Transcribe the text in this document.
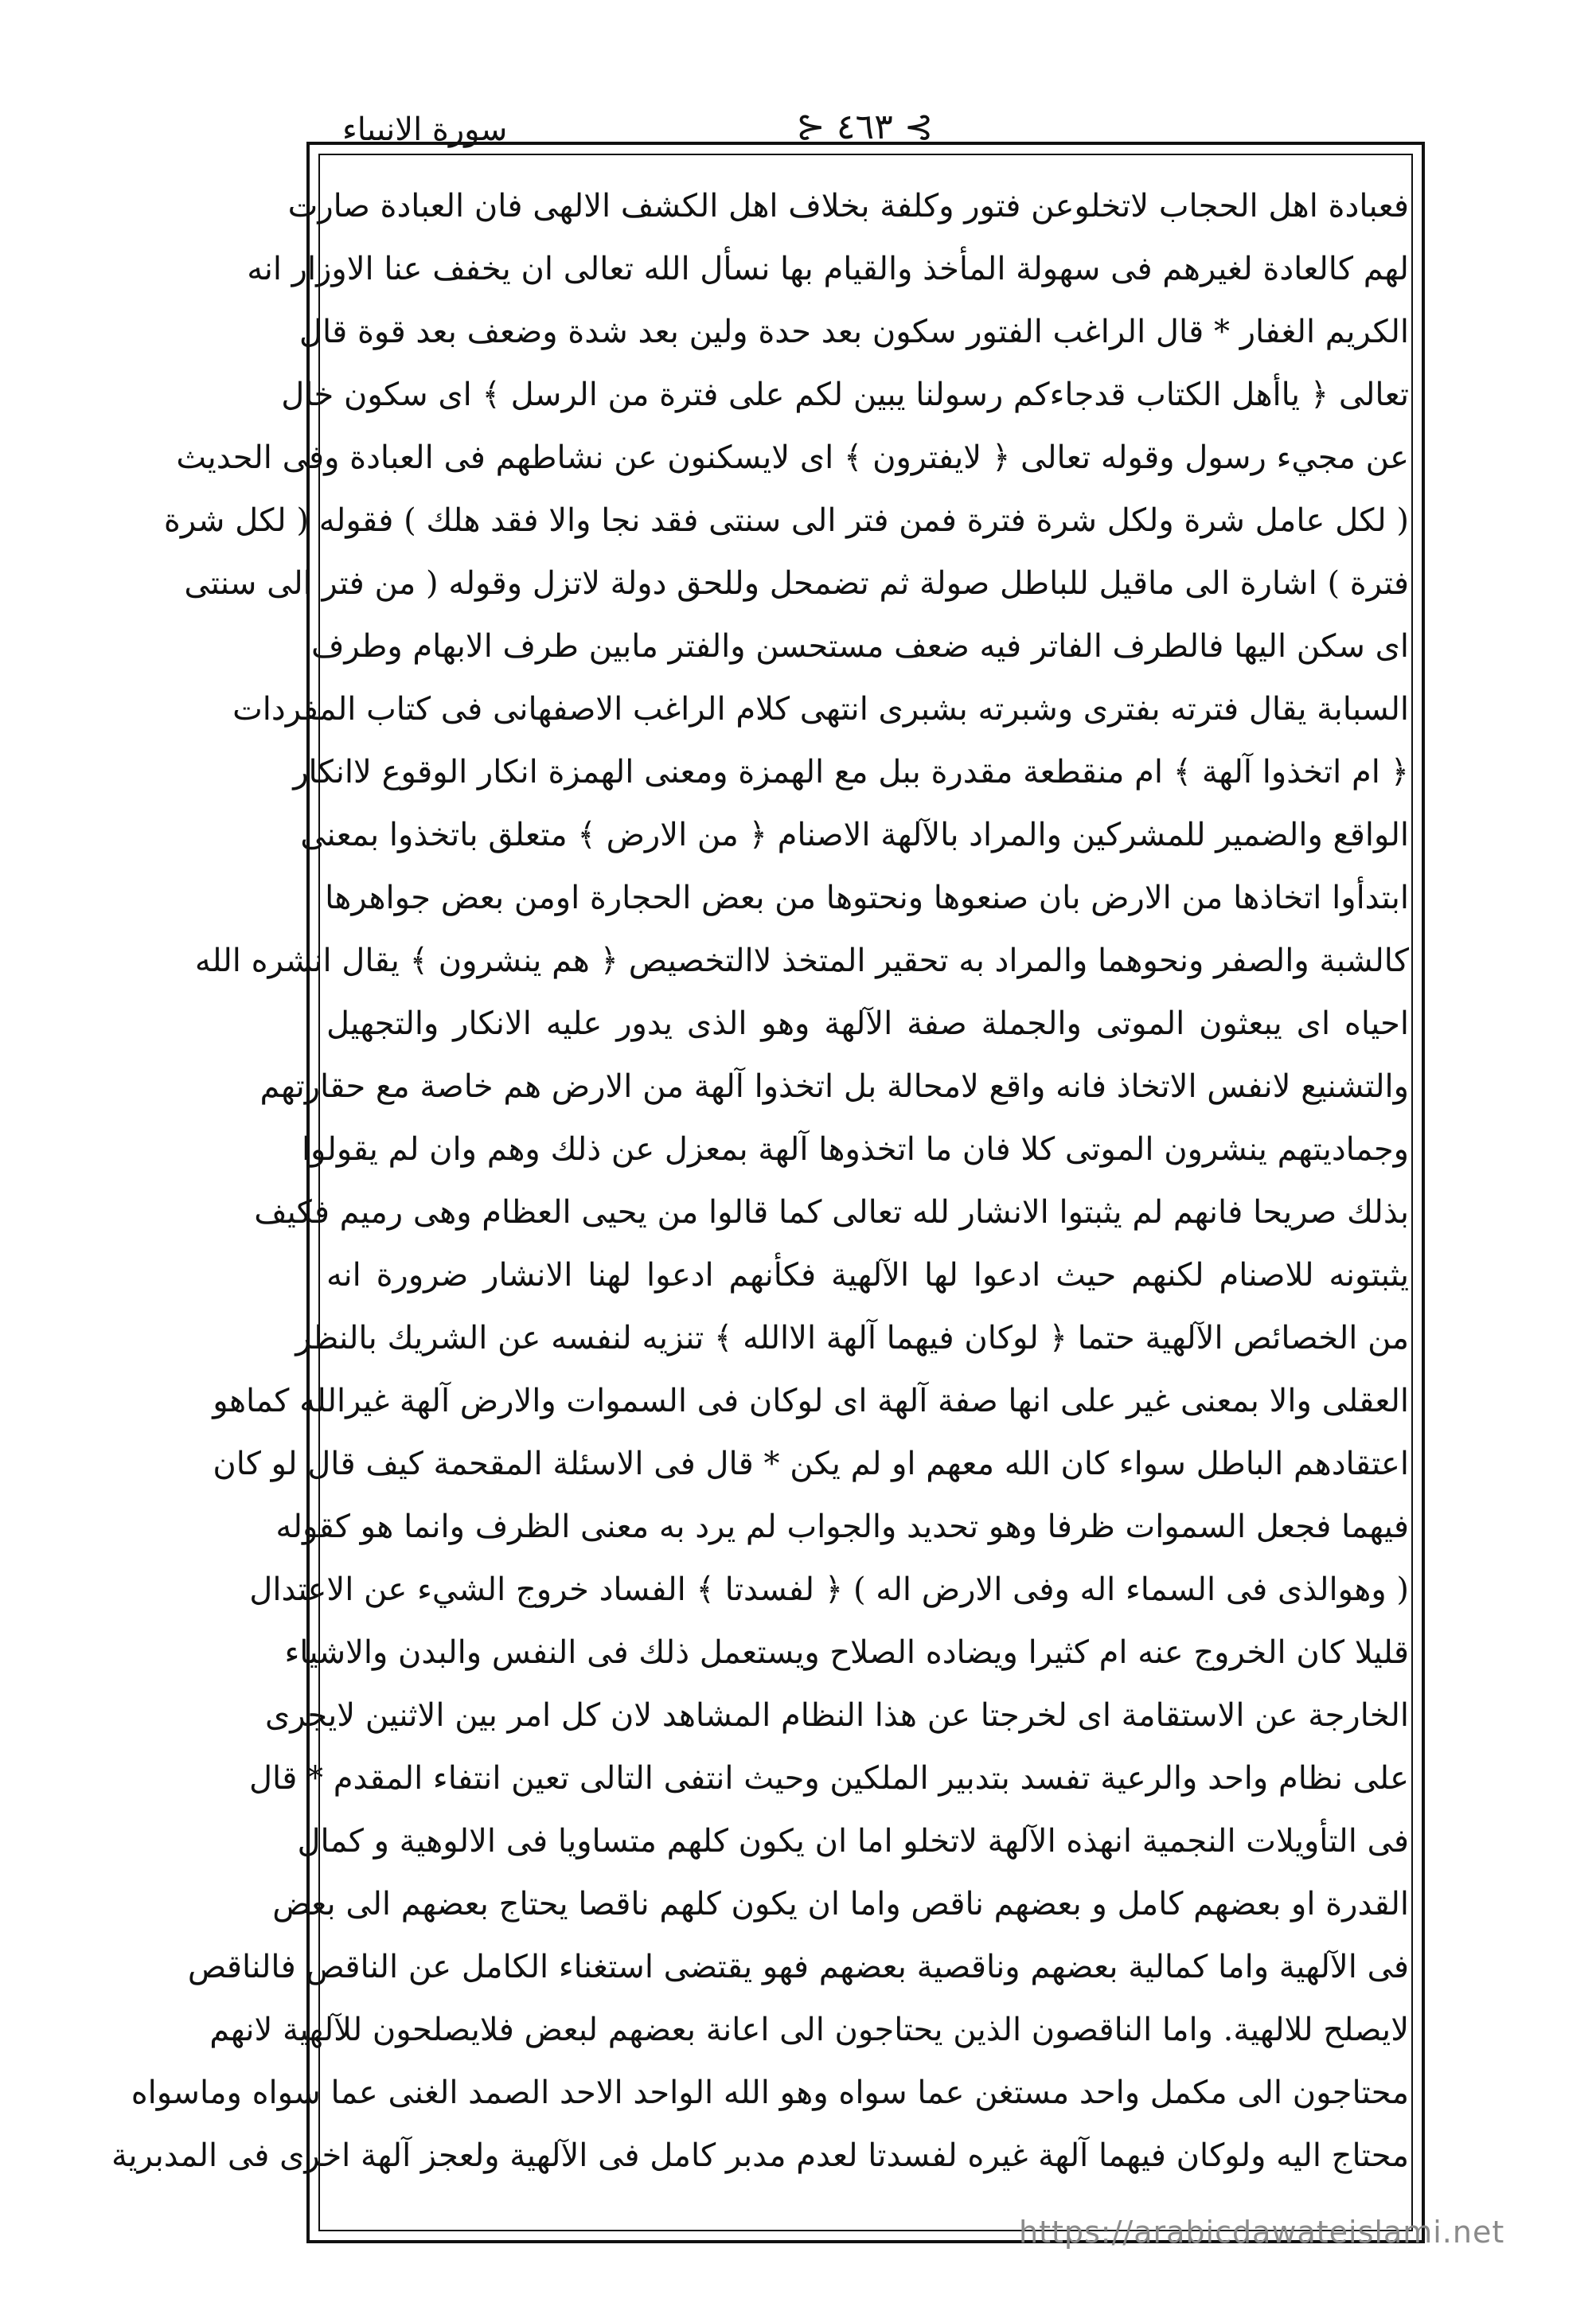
سورة الانبياء	⊱ ٤٦٣ ⊰
فعبادة اهل الحجاب لاتخلوعن فتور وكلفة بخلاف اهل الكشف الالهى فان العبادة صارت
لهم كالعادة لغيرهم فى سهولة المأخذ والقيام بها نسأل الله تعالى ان يخفف عنا الاوزار انه
الكريم الغفار * قال الراغب الفتور سكون بعد حدة ولين بعد شدة وضعف بعد قوة قال
تعالى ﴿ ياأهل الكتاب قدجاءكم رسولنا يبين لكم على فترة من الرسل ﴾ اى سكون خال
عن مجيء رسول وقوله تعالى ﴿ لايفترون ﴾ اى لايسكنون عن نشاطهم فى العبادة وفى الحديث
( لكل عامل شرة ولكل شرة فترة فمن فتر الى سنتى فقد نجا والا فقد هلك ) فقوله ( لكل شرة
فترة ) اشارة الى ماقيل للباطل صولة ثم تضمحل وللحق دولة لاتزل وقوله ( من فتر الى سنتى
اى سكن اليها فالطرف الفاتر فيه ضعف مستحسن والفتر مابين طرف الابهام وطرف
السبابة يقال فترته بفترى وشبرته بشبرى انتهى كلام الراغب الاصفهانى فى كتاب المفردات
﴿ ام اتخذوا آلهة ﴾ ام منقطعة مقدرة ببل مع الهمزة ومعنى الهمزة انكار الوقوع لاانكار
الواقع والضمير للمشركين والمراد بالآلهة الاصنام ﴿ من الارض ﴾ متعلق باتخذوا بمعنى
ابتدأوا اتخاذها من الارض بان صنعوها ونحتوها من بعض الحجارة اومن بعض جواهرها
كالشبة والصفر ونحوهما والمراد به تحقير المتخذ لاالتخصيص ﴿ هم ينشرون ﴾ يقال انشره الله
احياه اى يبعثون الموتى والجملة صفة الآلهة وهو الذى يدور عليه الانكار والتجهيل
والتشنيع لانفس الاتخاذ فانه واقع لامحالة بل اتخذوا آلهة من الارض هم خاصة مع حقارتهم
وجماديتهم ينشرون الموتى كلا فان ما اتخذوها آلهة بمعزل عن ذلك وهم وان لم يقولوا
بذلك صريحا فانهم لم يثبتوا الانشار لله تعالى كما قالوا من يحيى العظام وهى رميم فكيف
يثبتونه للاصنام لكنهم حيث ادعوا لها الآلهية فكأنهم ادعوا لهنا الانشار ضرورة انه
من الخصائص الآلهية حتما ﴿ لوكان فيهما آلهة الاالله ﴾ تنزيه لنفسه عن الشريك بالنظر
العقلى والا بمعنى غير على انها صفة آلهة اى لوكان فى السموات والارض آلهة غيرالله كماهو
اعتقادهم الباطل سواء كان الله معهم او لم يكن * قال فى الاسئلة المقحمة كيف قال لو كان
فيهما فجعل السموات ظرفا وهو تحديد والجواب لم يرد به معنى الظرف وانما هو كقوله
( وهوالذى فى السماء اله وفى الارض اله ) ﴿ لفسدتا ﴾ الفساد خروج الشيء عن الاعتدال
قليلا كان الخروج عنه ام كثيرا ويضاده الصلاح ويستعمل ذلك فى النفس والبدن والاشياء
الخارجة عن الاستقامة اى لخرجتا عن هذا النظام المشاهد لان كل امر بين الاثنين لايجرى
على نظام واحد والرعية تفسد بتدبير الملكين وحيث انتفى التالى تعين انتفاء المقدم * قال
فى التأويلات النجمية انهذه الآلهة لاتخلو اما ان يكون كلهم متساويا فى الالوهية و كمال
القدرة او بعضهم كامل و بعضهم ناقص واما ان يكون كلهم ناقصا يحتاج بعضهم الى بعض
فى الآلهية واما كمالية بعضهم وناقصية بعضهم فهو يقتضى استغناء الكامل عن الناقص فالناقص
لايصلح للالهية. واما الناقصون الذين يحتاجون الى اعانة بعضهم لبعض فلايصلحون للآلهية لانهم
محتاجون الى مكمل واحد مستغن عما سواه وهو الله الواحد الاحد الصمد الغنى عما سواه وماسواه
محتاج اليه ولوكان فيهما آلهة غيره لفسدتا لعدم مدبر كامل فى الآلهية ولعجز آلهة اخرى فى المدبرية
https://arabicdawateislami.net
